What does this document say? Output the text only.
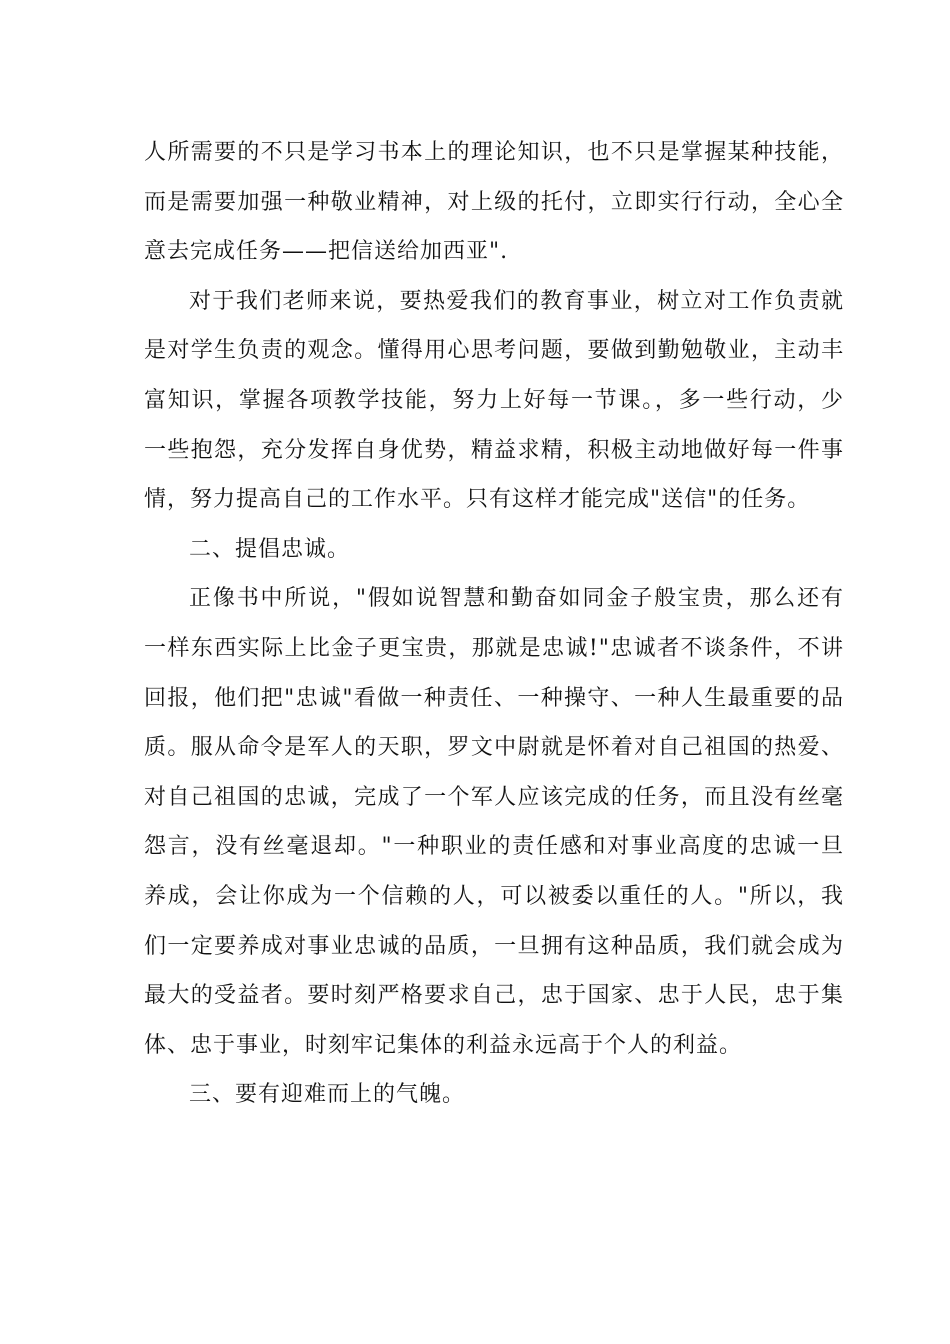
人所需要的不只是学习书本上的理论知识，也不只是掌握某种技能，而是需要加强一种敬业精神，对上级的托付，立即实行行动，全心全意去完成任务——把信送给加西亚".

对于我们老师来说，要热爱我们的教育事业，树立对工作负责就是对学生负责的观念。懂得用心思考问题，要做到勤勉敬业，主动丰富知识，掌握各项教学技能，努力上好每一节课。，多一些行动，少一些抱怨，充分发挥自身优势，精益求精，积极主动地做好每一件事情，努力提高自己的工作水平。只有这样才能完成"送信"的任务。

二、提倡忠诚。

正像书中所说，"假如说智慧和勤奋如同金子般宝贵，那么还有一样东西实际上比金子更宝贵，那就是忠诚!"忠诚者不谈条件，不讲回报，他们把"忠诚"看做一种责任、一种操守、一种人生最重要的品质。服从命令是军人的天职，罗文中尉就是怀着对自己祖国的热爱、对自己祖国的忠诚，完成了一个军人应该完成的任务，而且没有丝毫怨言，没有丝毫退却。"一种职业的责任感和对事业高度的忠诚一旦养成，会让你成为一个信赖的人，可以被委以重任的人。"所以，我们一定要养成对事业忠诚的品质，一旦拥有这种品质，我们就会成为最大的受益者。要时刻严格要求自己，忠于国家、忠于人民，忠于集体、忠于事业，时刻牢记集体的利益永远高于个人的利益。

三、要有迎难而上的气魄。
